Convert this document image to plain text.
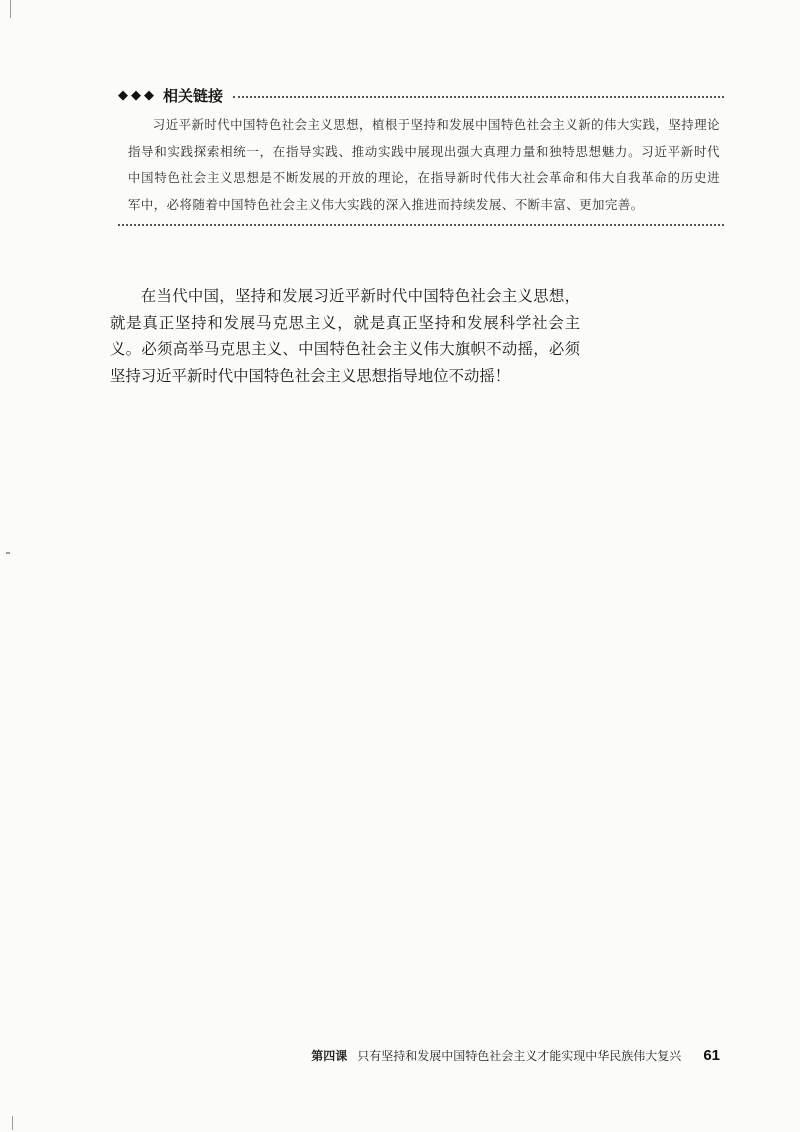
◆◆◆ 相关链接

习近平新时代中国特色社会主义思想，植根于坚持和发展中国特色社会主义新的伟大实践，坚持理论指导和实践探索相统一，在指导实践、推动实践中展现出强大真理力量和独特思想魅力。习近平新时代中国特色社会主义思想是不断发展的开放的理论，在指导新时代伟大社会革命和伟大自我革命的历史进军中，必将随着中国特色社会主义伟大实践的深入推进而持续发展、不断丰富、更加完善。

在当代中国，坚持和发展习近平新时代中国特色社会主义思想，就是真正坚持和发展马克思主义，就是真正坚持和发展科学社会主义。必须高举马克思主义、中国特色社会主义伟大旗帜不动摇，必须坚持习近平新时代中国特色社会主义思想指导地位不动摇！

第四课 只有坚持和发展中国特色社会主义才能实现中华民族伟大复兴 61
